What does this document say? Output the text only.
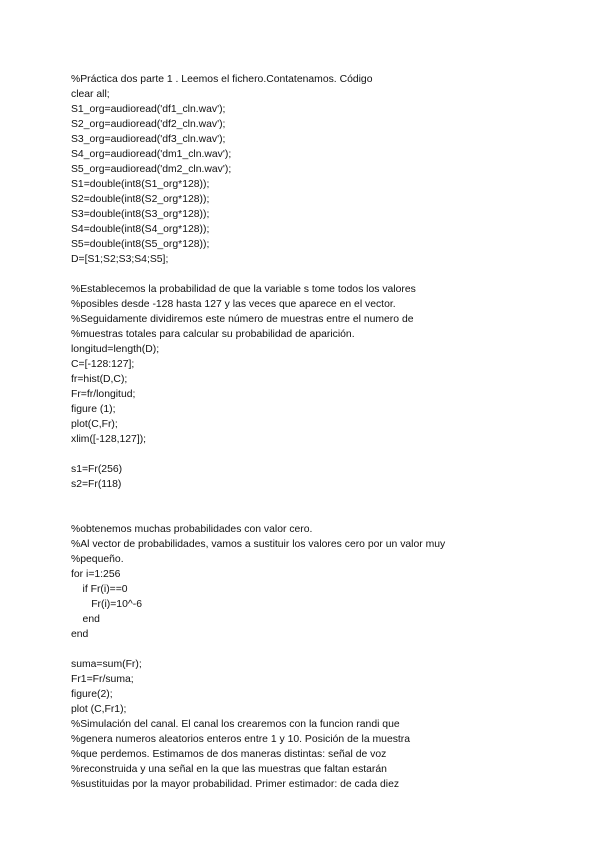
%Práctica dos parte 1 . Leemos el fichero.Contatenamos. Código
clear all;
S1_org=audioread('df1_cln.wav');
S2_org=audioread('df2_cln.wav');
S3_org=audioread('df3_cln.wav');
S4_org=audioread('dm1_cln.wav');
S5_org=audioread('dm2_cln.wav');
S1=double(int8(S1_org*128));
S2=double(int8(S2_org*128));
S3=double(int8(S3_org*128));
S4=double(int8(S4_org*128));
S5=double(int8(S5_org*128));
D=[S1;S2;S3;S4;S5];
%Establecemos la probabilidad de que la variable s tome todos los valores
%posibles desde -128 hasta 127 y las veces que aparece en el vector.
%Seguidamente dividiremos este número de muestras entre el numero de
%muestras totales para calcular su probabilidad de aparición.
longitud=length(D);
C=[-128:127];
fr=hist(D,C);
Fr=fr/longitud;
figure (1);
plot(C,Fr);
xlim([-128,127]);
s1=Fr(256)
s2=Fr(118)
%obtenemos muchas probabilidades con valor cero.
%Al vector de probabilidades, vamos a sustituir los valores cero por un valor muy
%pequeño.
for i=1:256
if Fr(i)==0
Fr(i)=10^-6
end
end
suma=sum(Fr);
Fr1=Fr/suma;
figure(2);
plot (C,Fr1);
%Simulación del canal. El canal los crearemos con la funcion randi que
%genera numeros aleatorios enteros entre 1 y 10. Posición de la muestra
%que perdemos. Estimamos de dos maneras distintas: señal de voz
%reconstruida y una señal en la que las muestras que faltan estarán
%sustituidas por la mayor probabilidad. Primer estimador: de cada diez
